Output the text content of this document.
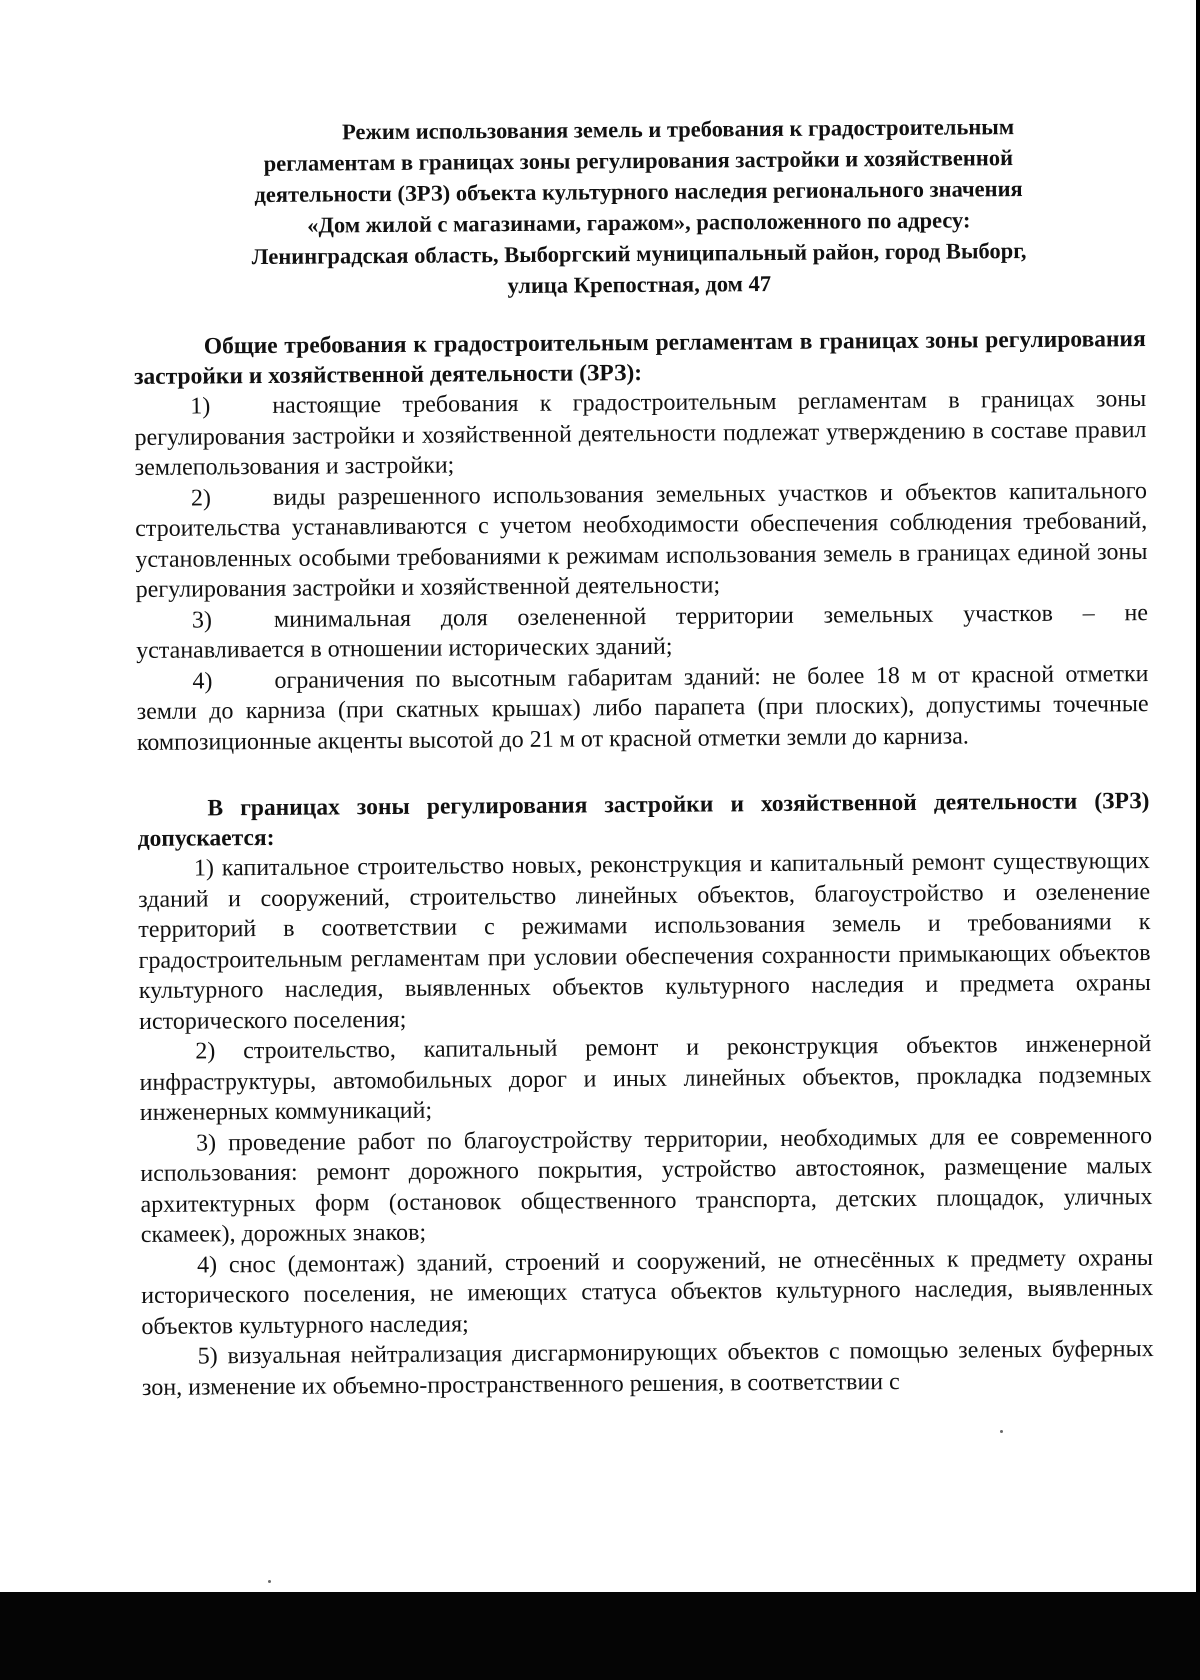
Режим использования земель и требования к градостроительным
регламентам в границах зоны регулирования застройки и хозяйственной
деятельности (ЗРЗ) объекта культурного наследия регионального значения
«Дом жилой с магазинами, гаражом», расположенного по адресу:
Ленинградская область, Выборгский муниципальный район, город Выборг,
улица Крепостная, дом 47

Общие требования к градостроительным регламентам в границах зоны регулирования застройки и хозяйственной деятельности (ЗРЗ):

1)	настоящие требования к градостроительным регламентам в границах зоны регулирования застройки и хозяйственной деятельности подлежат утверждению в составе правил землепользования и застройки;

2)	виды разрешенного использования земельных участков и объектов капитального строительства устанавливаются с учетом необходимости обеспечения соблюдения требований, установленных особыми требованиями к режимам использования земель в границах единой зоны регулирования застройки и хозяйственной деятельности;

3)	минимальная доля озелененной территории земельных участков – не устанавливается в отношении исторических зданий;

4)	ограничения по высотным габаритам зданий: не более 18 м от красной отметки земли до карниза (при скатных крышах) либо парапета (при плоских), допустимы точечные композиционные акценты высотой до 21 м от красной отметки земли до карниза.

В границах зоны регулирования застройки и хозяйственной деятельности (ЗРЗ) допускается:

1) капитальное строительство новых, реконструкция и капитальный ремонт существующих зданий и сооружений, строительство линейных объектов, благоустройство и озеленение территорий в соответствии с режимами использования земель и требованиями к градостроительным регламентам при условии обеспечения сохранности примыкающих объектов культурного наследия, выявленных объектов культурного наследия и предмета охраны исторического поселения;

2) строительство, капитальный ремонт и реконструкция объектов инженерной инфраструктуры, автомобильных дорог и иных линейных объектов, прокладка подземных инженерных коммуникаций;

3) проведение работ по благоустройству территории, необходимых для ее современного использования: ремонт дорожного покрытия, устройство автостоянок, размещение малых архитектурных форм (остановок общественного транспорта, детских площадок, уличных скамеек), дорожных знаков;

4) снос (демонтаж) зданий, строений и сооружений, не отнесённых к предмету охраны исторического поселения, не имеющих статуса объектов культурного наследия, выявленных объектов культурного наследия;

5) визуальная нейтрализация дисгармонирующих объектов с помощью зеленых буферных зон, изменение их объемно-пространственного решения, в соответствии с
